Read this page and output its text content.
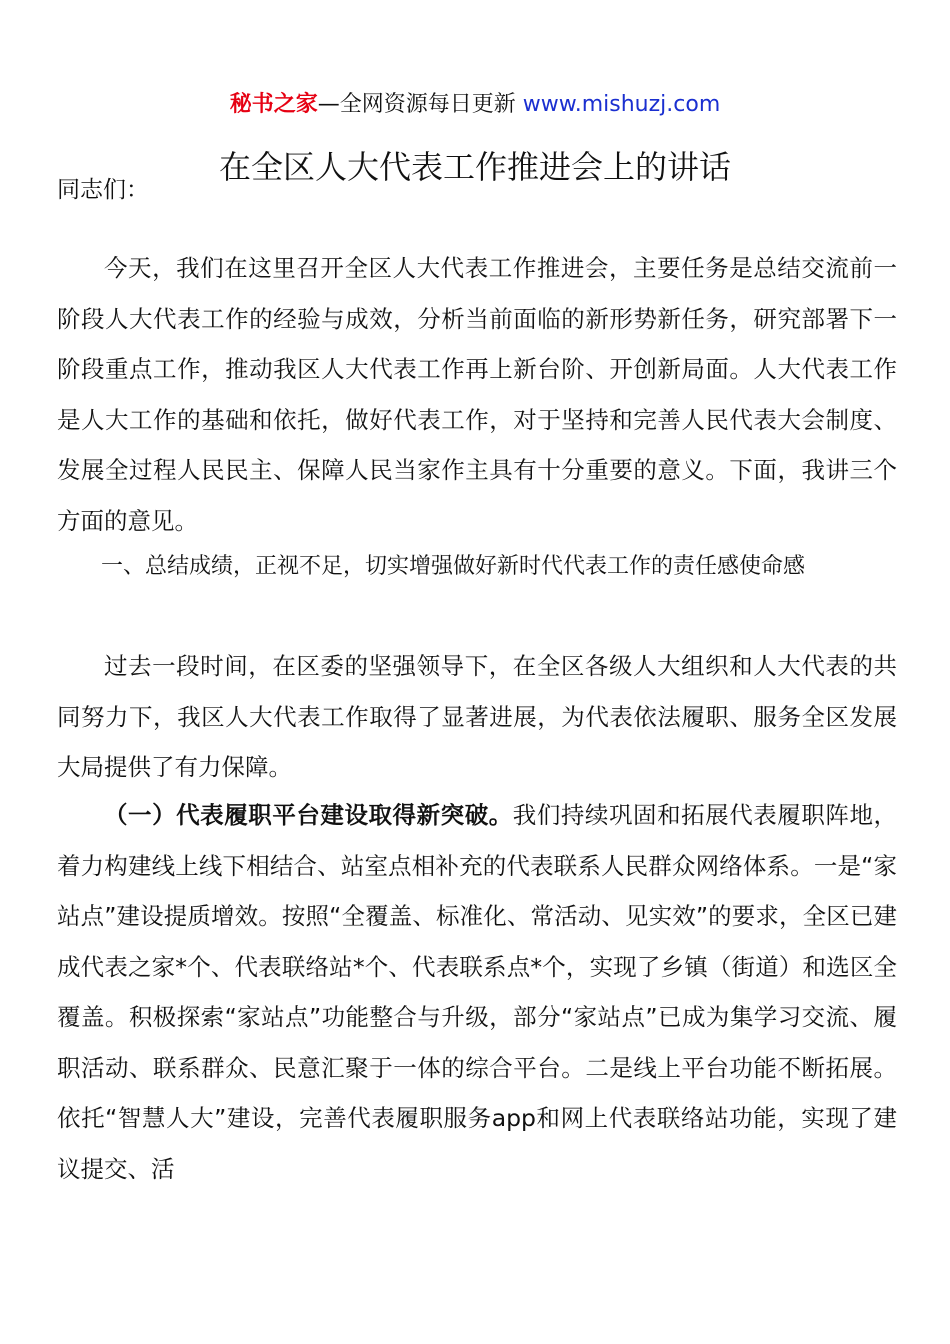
秘书之家—全网资源每日更新 www.mishuzj.com
在全区人大代表工作推进会上的讲话
同志们：

今天，我们在这里召开全区人大代表工作推进会，主要任务是总结交流前一阶段人大代表工作的经验与成效，分析当前面临的新形势新任务，研究部署下一阶段重点工作，推动我区人大代表工作再上新台阶、开创新局面。人大代表工作是人大工作的基础和依托，做好代表工作，对于坚持和完善人民代表大会制度、发展全过程人民民主、保障人民当家作主具有十分重要的意义。下面，我讲三个方面的意见。

一、总结成绩，正视不足，切实增强做好新时代代表工作的责任感使命感

过去一段时间，在区委的坚强领导下，在全区各级人大组织和人大代表的共同努力下，我区人大代表工作取得了显著进展，为代表依法履职、服务全区发展大局提供了有力保障。

（一）代表履职平台建设取得新突破。我们持续巩固和拓展代表履职阵地，着力构建线上线下相结合、站室点相补充的代表联系人民群众网络体系。一是“家站点”建设提质增效。按照“全覆盖、标准化、常活动、见实效”的要求，全区已建成代表之家*个、代表联络站*个、代表联系点*个，实现了乡镇（街道）和选区全覆盖。积极探索“家站点”功能整合与升级，部分“家站点”已成为集学习交流、履职活动、联系群众、民意汇聚于一体的综合平台。二是线上平台功能不断拓展。依托“智慧人大”建设，完善代表履职服务app和网上代表联络站功能，实现了建议提交、活
